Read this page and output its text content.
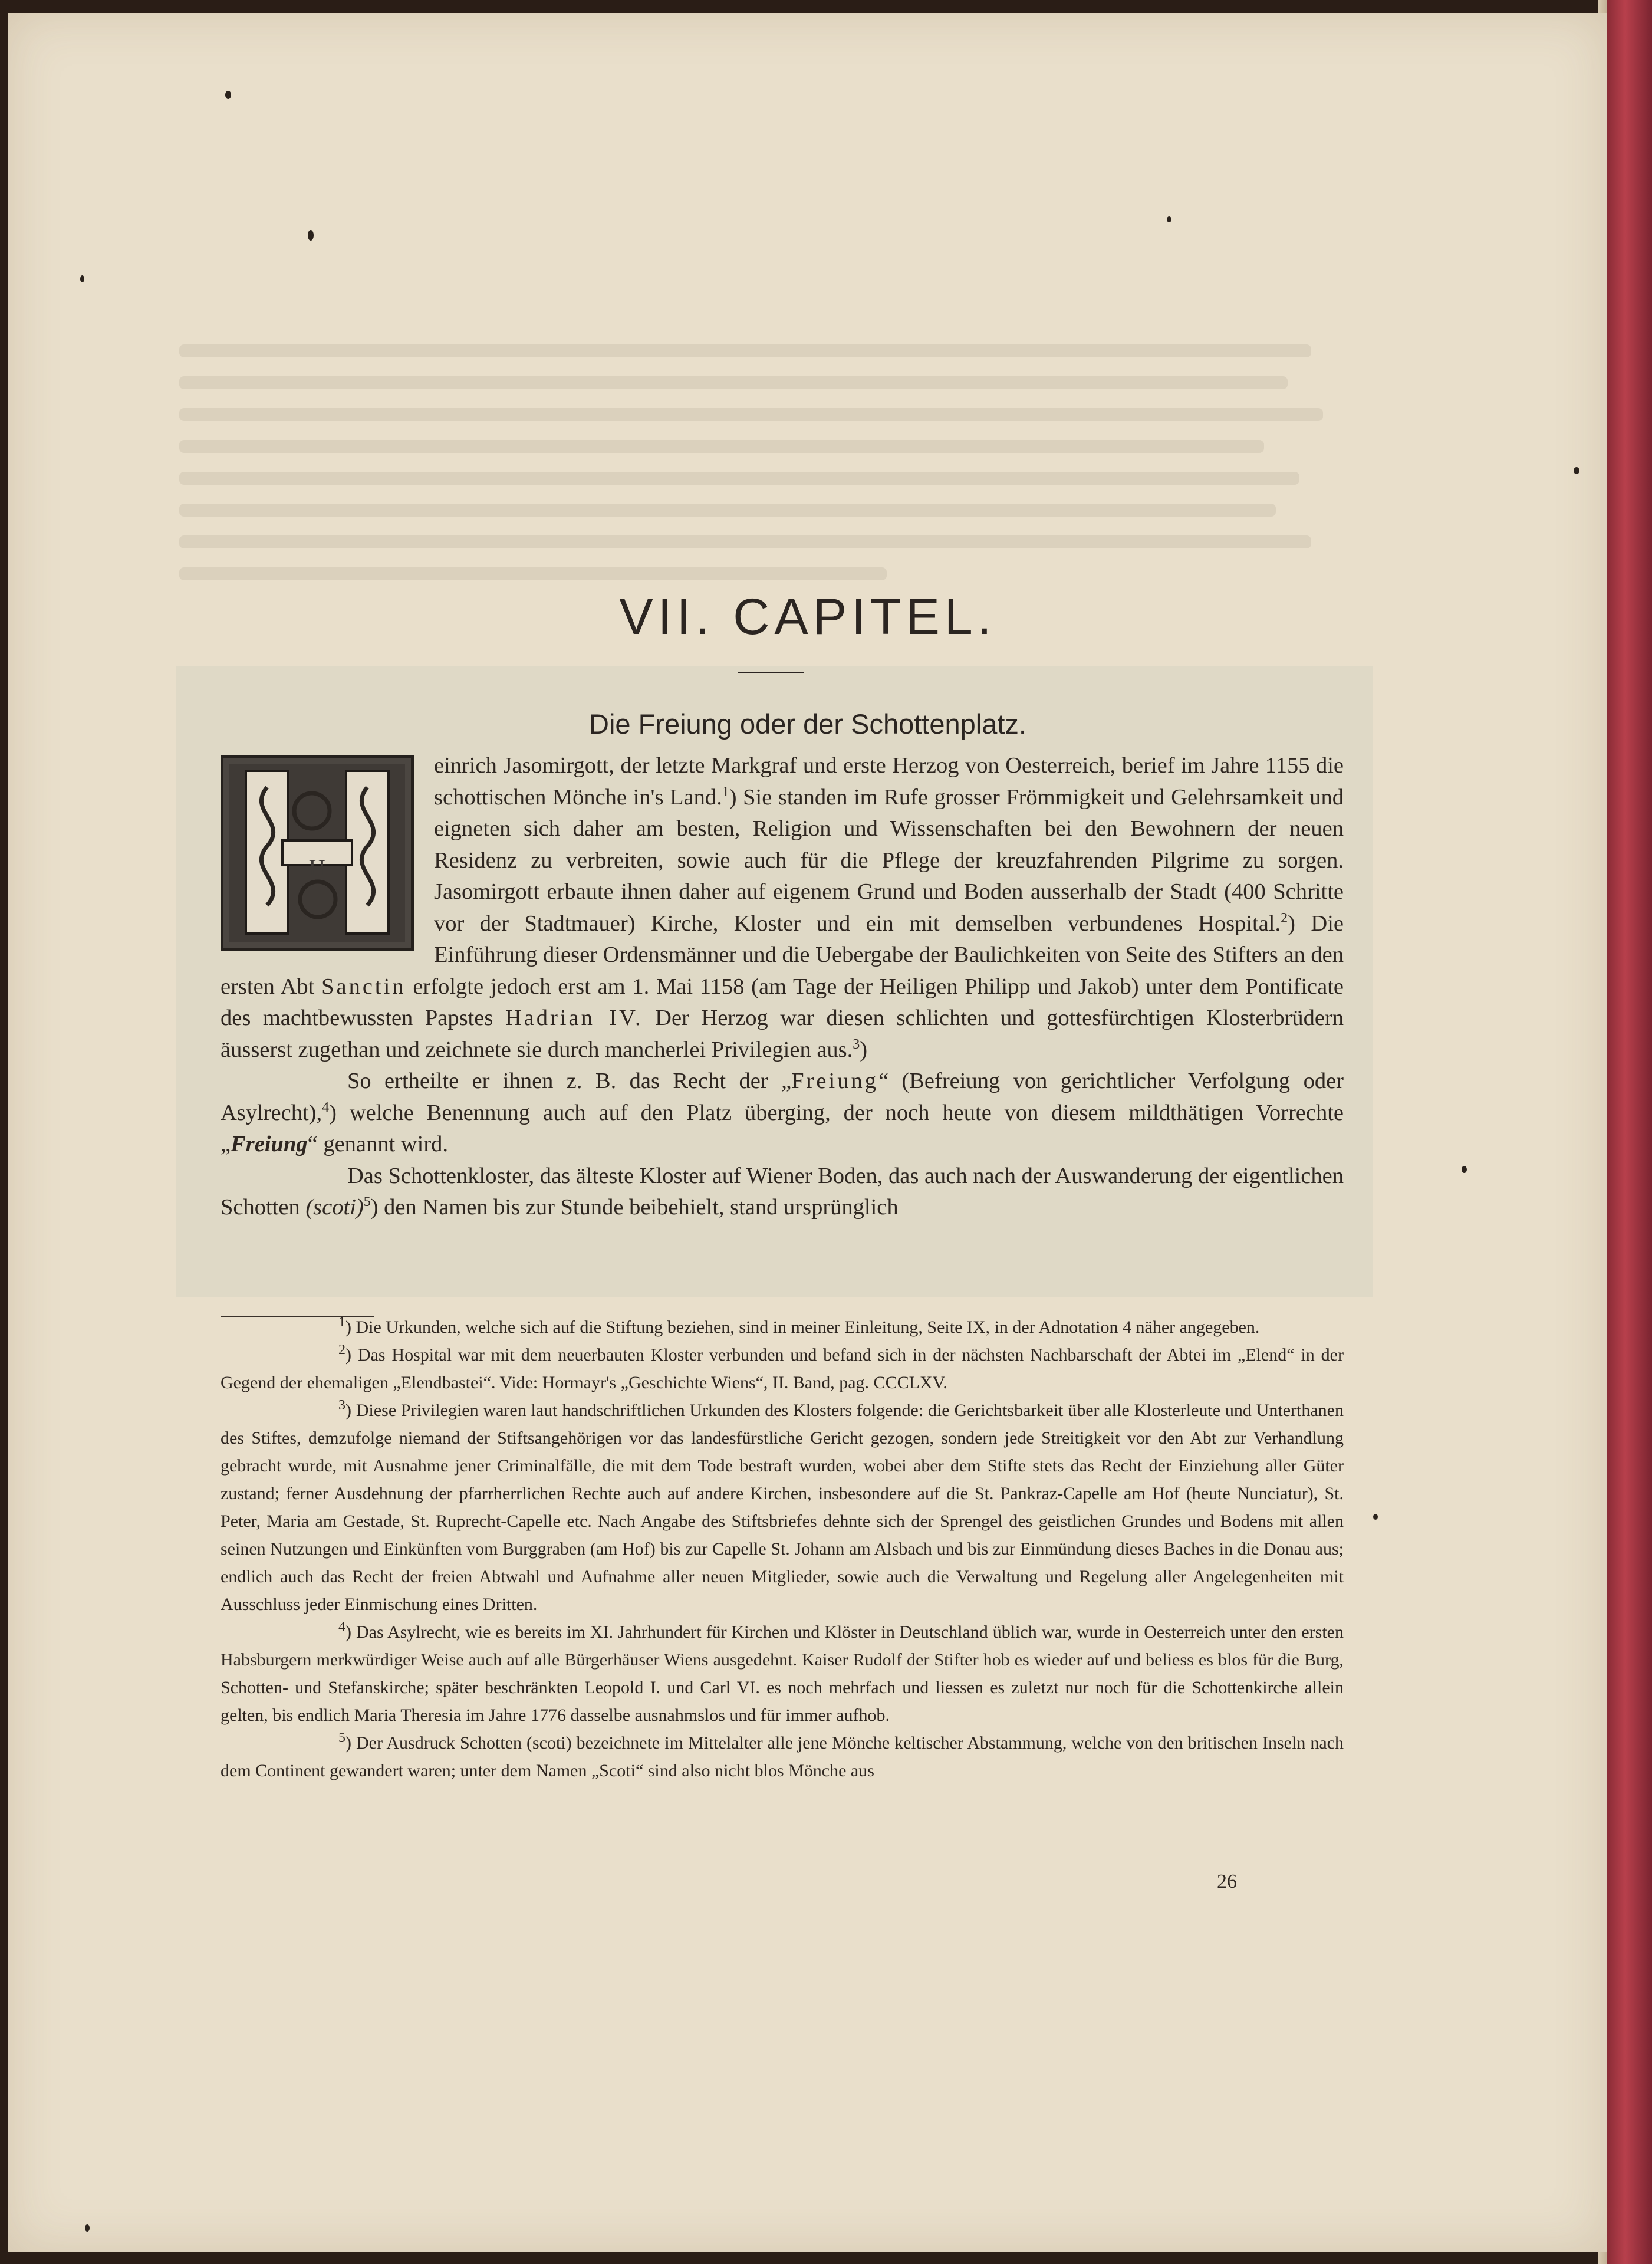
VII. CAPITEL.
Die Freiung oder der Schottenplatz.
H

einrich Jasomirgott, der letzte Markgraf und erste Herzog von Oesterreich, berief im Jahre 1155 die schottischen Mönche in's Land.$^1$) Sie standen im Rufe grosser Frömmigkeit und Gelehrsamkeit und eigneten sich daher am besten, Religion und Wissenschaften bei den Bewohnern der neuen Residenz zu verbreiten, sowie auch für die Pflege der kreuzfahrenden Pilgrime zu sorgen. Jasomirgott erbaute ihnen daher auf eigenem Grund und Boden ausserhalb der Stadt (400 Schritte vor der Stadtmauer) Kirche, Kloster und ein mit demselben verbundenes Hospital.$^2$) Die Einführung dieser Ordensmänner und die Uebergabe der Baulichkeiten von Seite des Stifters an den ersten Abt Sanctin erfolgte jedoch erst am 1. Mai 1158 (am Tage der Heiligen Philipp und Jakob) unter dem Pontificate des machtbewussten Papstes Hadrian IV. Der Herzog war diesen schlichten und gottesfürchtigen Klosterbrüdern äusserst zugethan und zeichnete sie durch mancherlei Privilegien aus.$^3$)

So ertheilte er ihnen z. B. das Recht der „Freiung“ (Befreiung von gerichtlicher Verfolgung oder Asylrecht),$^4$) welche Benennung auch auf den Platz überging, der noch heute von diesem mildthätigen Vorrechte „Freiung“ genannt wird.

Das Schottenkloster, das älteste Kloster auf Wiener Boden, das auch nach der Auswanderung der eigentlichen Schotten $(scoti)^5$) den Namen bis zur Stunde beibehielt, stand ursprünglich

$^1$) Die Urkunden, welche sich auf die Stiftung beziehen, sind in meiner Einleitung, Seite IX, in der Adnotation 4 näher angegeben.

$^2$) Das Hospital war mit dem neuerbauten Kloster verbunden und befand sich in der nächsten Nachbarschaft der Abtei im „Elend“ in der Gegend der ehemaligen „Elendbastei“. Vide: Hormayr's „Geschichte Wiens“, II. Band, pag. CCCLXV.

$^3$) Diese Privilegien waren laut handschriftlichen Urkunden des Klosters folgende: die Gerichtsbarkeit über alle Klosterleute und Unterthanen des Stiftes, demzufolge niemand der Stiftsangehörigen vor das landesfürstliche Gericht gezogen, sondern jede Streitigkeit vor den Abt zur Verhandlung gebracht wurde, mit Ausnahme jener Criminalfälle, die mit dem Tode bestraft wurden, wobei aber dem Stifte stets das Recht der Einziehung aller Güter zustand; ferner Ausdehnung der pfarrherrlichen Rechte auch auf andere Kirchen, insbesondere auf die St. Pankraz-Capelle am Hof (heute Nunciatur), St. Peter, Maria am Gestade, St. Ruprecht-Capelle etc. Nach Angabe des Stiftsbriefes dehnte sich der Sprengel des geistlichen Grundes und Bodens mit allen seinen Nutzungen und Einkünften vom Burggraben (am Hof) bis zur Capelle St. Johann am Alsbach und bis zur Einmündung dieses Baches in die Donau aus; endlich auch das Recht der freien Abtwahl und Aufnahme aller neuen Mitglieder, sowie auch die Verwaltung und Regelung aller Angelegenheiten mit Ausschluss jeder Einmischung eines Dritten.

$^4$) Das Asylrecht, wie es bereits im XI. Jahrhundert für Kirchen und Klöster in Deutschland üblich war, wurde in Oesterreich unter den ersten Habsburgern merkwürdiger Weise auch auf alle Bürgerhäuser Wiens ausgedehnt. Kaiser Rudolf der Stifter hob es wieder auf und beliess es blos für die Burg, Schotten- und Stefanskirche; später beschränkten Leopold I. und Carl VI. es noch mehrfach und liessen es zuletzt nur noch für die Schottenkirche allein gelten, bis endlich Maria Theresia im Jahre 1776 dasselbe ausnahmslos und für immer aufhob.

$^5$) Der Ausdruck Schotten (scoti) bezeichnete im Mittelalter alle jene Mönche keltischer Abstammung, welche von den britischen Inseln nach dem Continent gewandert waren; unter dem Namen „Scoti“ sind also nicht blos Mönche aus

26
